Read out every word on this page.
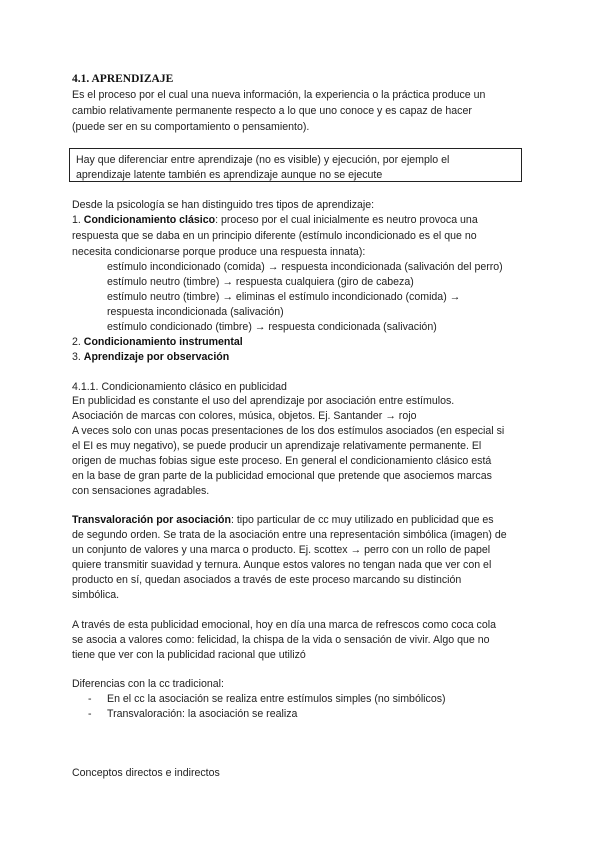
4.1. APRENDIZAJE
Es el proceso por el cual una nueva información, la experiencia o la práctica produce un
cambio relativamente permanente respecto a lo que uno conoce y es capaz de hacer
(puede ser en su comportamiento o pensamiento).
Hay que diferenciar entre aprendizaje (no es visible) y ejecución, por ejemplo el
aprendizaje latente también es aprendizaje aunque no se ejecute
Desde la psicología se han distinguido tres tipos de aprendizaje:
1. Condicionamiento clásico: proceso por el cual inicialmente es neutro provoca una
respuesta que se daba en un principio diferente (estímulo incondicionado es el que no
necesita condicionarse porque produce una respuesta innata):
estímulo incondicionado (comida) → respuesta incondicionada (salivación del perro)
estímulo neutro (timbre) → respuesta cualquiera (giro de cabeza)
estímulo neutro (timbre) → eliminas el estímulo incondicionado (comida) →
respuesta incondicionada (salivación)
estímulo condicionado (timbre) → respuesta condicionada (salivación)
2. Condicionamiento instrumental
3. Aprendizaje por observación
4.1.1. Condicionamiento clásico en publicidad
En publicidad es constante el uso del aprendizaje por asociación entre estímulos.
Asociación de marcas con colores, música, objetos. Ej. Santander → rojo
A veces solo con unas pocas presentaciones de los dos estímulos asociados (en especial si
el EI es muy negativo), se puede producir un aprendizaje relativamente permanente. El
origen de muchas fobias sigue este proceso. En general el condicionamiento clásico está
en la base de gran parte de la publicidad emocional que pretende que asociemos marcas
con sensaciones agradables.
Transvaloración por asociación: tipo particular de cc muy utilizado en publicidad que es
de segundo orden. Se trata de la asociación entre una representación simbólica (imagen) de
un conjunto de valores y una marca o producto. Ej. scottex → perro con un rollo de papel
quiere transmitir suavidad y ternura. Aunque estos valores no tengan nada que ver con el
producto en sí, quedan asociados a través de este proceso marcando su distinción
simbólica.
A través de esta publicidad emocional, hoy en día una marca de refrescos como coca cola
se asocia a valores como: felicidad, la chispa de la vida o sensación de vivir. Algo que no
tiene que ver con la publicidad racional que utilizó
Diferencias con la cc tradicional:
- En el cc la asociación se realiza entre estímulos simples (no simbólicos)
- Transvaloración: la asociación se realiza
Conceptos directos e indirectos
